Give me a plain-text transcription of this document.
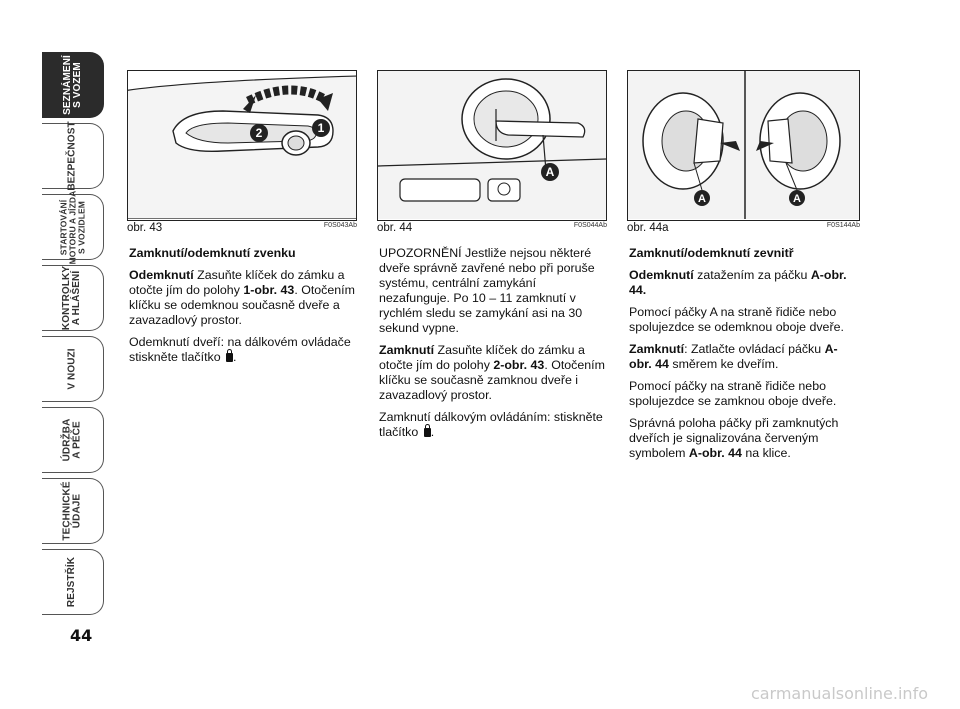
SEZNÁMENÍ
S VOZEM
BEZPEČNOST
STARTOVÁNÍ
MOTORU A JÍZDA
S VOZIDLEM
KONTROLKY
A HLÁŠENÍ
V NOUZI
ÚDRŽBA
A PÉČE
TECHNICKÉ
ÚDAJE
REJSTŘÍK
44
1
2
obr. 43	F0S043Ab
A
obr. 44	F0S044Ab
A	A
obr. 44a	F0S144Ab
Zamknutí/odemknutí zvenku

Odemknutí Zasuňte klíček do zámku a otočte jím do polohy 1-obr. 43. Otočením klíčku se odemknou současně dveře a zavazadlový prostor.

Odemknutí dveří: na dálkovém ovládače stiskněte tlačítko .

UPOZORNĚNÍ Jestliže nejsou některé dveře správně zavřené nebo při poruše systému, centrální zamykání nezafunguje. Po 10 – 11 zamknutí v rychlém sledu se zamykání asi na 30 sekund vypne.

Zamknutí Zasuňte klíček do zámku a otočte jím do polohy 2-obr. 43. Otočením klíčku se současně zamknou dveře i zavazadlový prostor.

Zamknutí dálkovým ovládáním: stiskněte tlačítko .

Zamknutí/odemknutí zevnitř

Odemknutí zatažením za páčku A-obr. 44.

Pomocí páčky A na straně řidiče nebo spolujezdce se odemknou oboje dveře.

Zamknutí: Zatlačte ovládací páčku A-obr. 44 směrem ke dveřím.

Pomocí páčky na straně řidiče nebo spolujezdce se zamknou oboje dveře.

Správná poloha páčky při zamknutých dveřích je signalizována červeným symbolem A-obr. 44 na klice.

carmanualsonline.info
